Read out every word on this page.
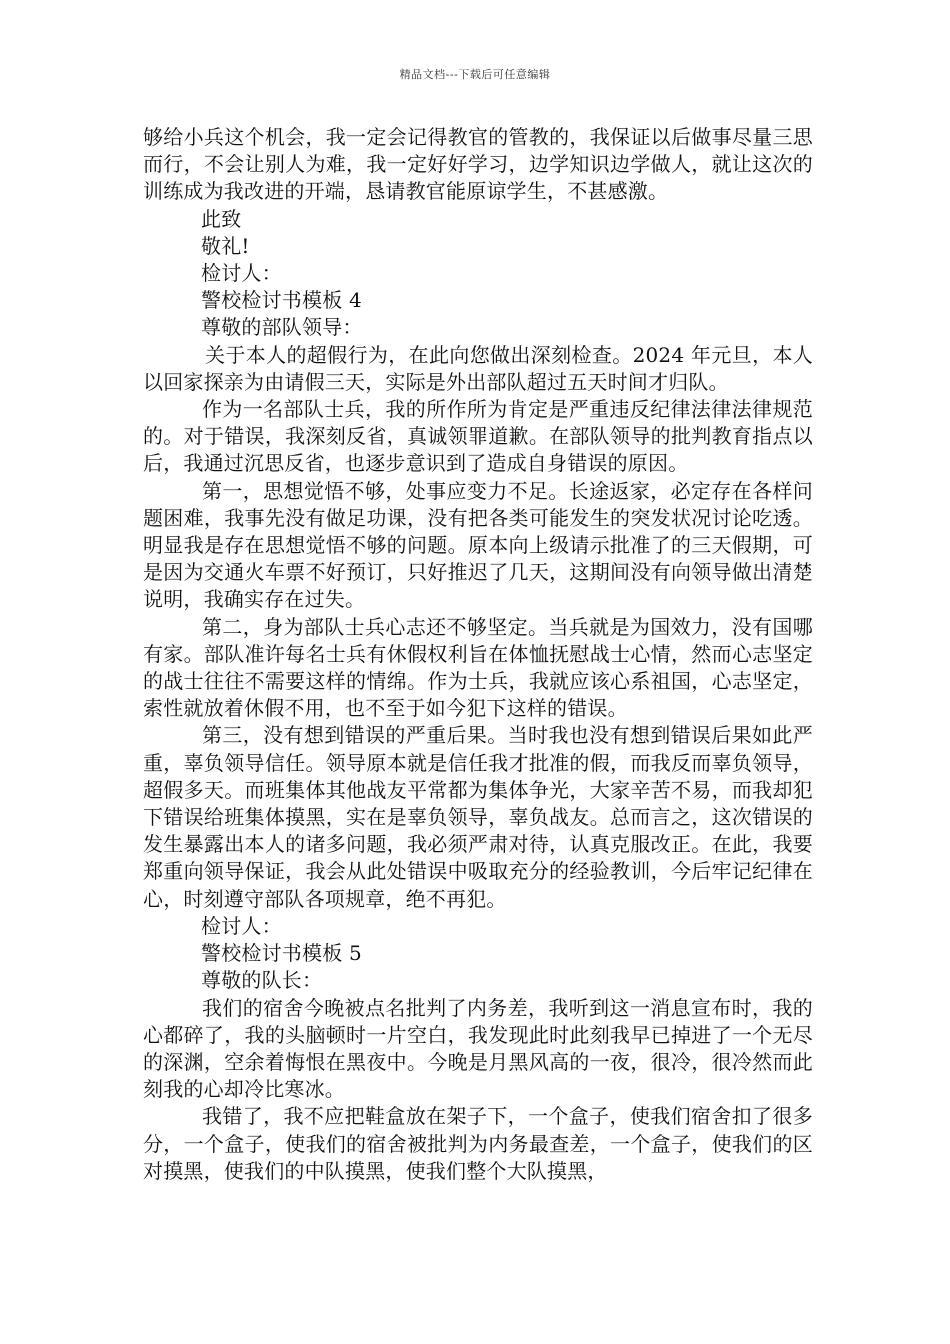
精品文档---下载后可任意编辑

够给小兵这个机会，我一定会记得教官的管教的，我保证以后做事尽量三思而行，不会让别人为难，我一定好好学习，边学知识边学做人，就让这次的训练成为我改进的开端，恳请教官能原谅学生，不甚感激。

此致

敬礼!

检讨人：

警校检讨书模板 4

尊敬的部队领导：

关于本人的超假行为，在此向您做出深刻检查。2024 年元旦，本人以回家探亲为由请假三天，实际是外出部队超过五天时间才归队。

作为一名部队士兵，我的所作所为肯定是严重违反纪律法律法律规范的。对于错误，我深刻反省，真诚领罪道歉。在部队领导的批判教育指点以后，我通过沉思反省，也逐步意识到了造成自身错误的原因。

第一，思想觉悟不够，处事应变力不足。长途返家，必定存在各样问题困难，我事先没有做足功课，没有把各类可能发生的突发状况讨论吃透。明显我是存在思想觉悟不够的问题。原本向上级请示批准了的三天假期，可是因为交通火车票不好预订，只好推迟了几天，这期间没有向领导做出清楚说明，我确实存在过失。

第二，身为部队士兵心志还不够坚定。当兵就是为国效力，没有国哪有家。部队准许每名士兵有休假权利旨在体恤抚慰战士心情，然而心志坚定的战士往往不需要这样的情绵。作为士兵，我就应该心系祖国，心志坚定，索性就放着休假不用，也不至于如今犯下这样的错误。

第三，没有想到错误的严重后果。当时我也没有想到错误后果如此严重，辜负领导信任。领导原本就是信任我才批准的假，而我反而辜负领导，超假多天。而班集体其他战友平常都为集体争光，大家辛苦不易，而我却犯下错误给班集体摸黑，实在是辜负领导，辜负战友。总而言之，这次错误的发生暴露出本人的诸多问题，我必须严肃对待，认真克服改正。在此，我要郑重向领导保证，我会从此处错误中吸取充分的经验教训，今后牢记纪律在心，时刻遵守部队各项规章，绝不再犯。

检讨人：

警校检讨书模板 5

尊敬的队长：

我们的宿舍今晚被点名批判了内务差，我听到这一消息宣布时，我的心都碎了，我的头脑顿时一片空白，我发现此时此刻我早已掉进了一个无尽的深渊，空余着悔恨在黑夜中。今晚是月黑风高的一夜，很冷，很冷然而此刻我的心却冷比寒冰。

我错了，我不应把鞋盒放在架子下，一个盒子，使我们宿舍扣了很多分，一个盒子，使我们的宿舍被批判为内务最查差，一个盒子，使我们的区对摸黑，使我们的中队摸黑，使我们整个大队摸黑，
